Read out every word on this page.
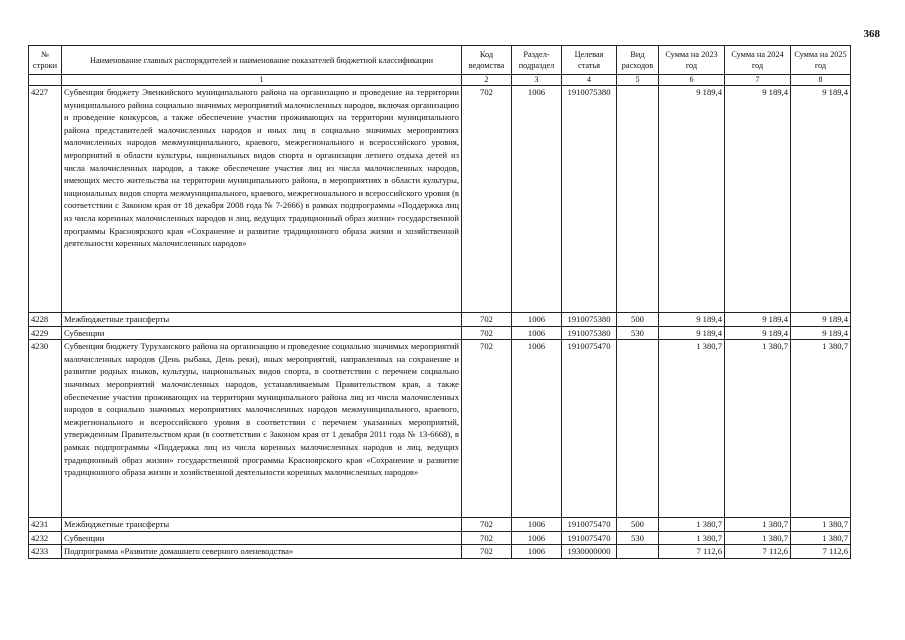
368
№ строки	Наименование главных распорядителей и наименование показателей бюджетной классификации	Код ведомства	Раздел-подраздел	Целевая статья	Вид расходов	Сумма на 2023 год	Сумма на 2024 год	Сумма на 2025 год
	1	2	3	4	5	6	7	8
4227	Субвенция бюджету Эвенкийского муниципального района на организацию и проведение на территории муниципального района социально значимых мероприятий малочисленных народов, включая организацию и проведение конкурсов, а также обеспечение участия проживающих на территории муниципального района представителей малочисленных народов и иных лиц в социально значимых мероприятиях малочисленных народов межмуниципального, краевого, межрегионального и всероссийского уровня, мероприятий в области культуры, национальных видов спорта и организация летнего отдыха детей из числа малочисленных народов, а также обеспечение участия лиц из числа малочисленных народов, имеющих место жительства на территории муниципального района, в мероприятиях в области культуры, национальных видов спорта межмуниципального, краевого, межрегионального и всероссийского уровня (в соответствии с Законом края от 18 декабря 2008 года № 7-2666) в рамках подпрограммы «Поддержка лиц из числа коренных малочисленных народов и лиц, ведущих традиционный образ жизни» государственной программы Красноярского края «Сохранение и развитие традиционного образа жизни и хозяйственной деятельности коренных малочисленных народов»	702	1006	1910075380		9 189,4	9 189,4	9 189,4
4228	Межбюджетные трансферты	702	1006	1910075380	500	9 189,4	9 189,4	9 189,4
4229	Субвенции	702	1006	1910075380	530	9 189,4	9 189,4	9 189,4
4230	Субвенция бюджету Туруханского района на организацию и проведение социально значимых мероприятий малочисленных народов (День рыбака, День реки), иных мероприятий, направленных на сохранение и развитие родных языков, культуры, национальных видов спорта, в соответствии с перечнем социально значимых мероприятий малочисленных народов, устанавливаемым Правительством края, а также обеспечение участия проживающих на территории муниципального района лиц из числа малочисленных народов в социально значимых мероприятиях малочисленных народов межмуниципального, краевого, межрегионального и всероссийского уровня в соответствии с перечнем указанных мероприятий, утвержденным Правительством края (в соответствии с Законом края от 1 декабря 2011 года № 13-6668), в рамках подпрограммы «Поддержка лиц из числа коренных малочисленных народов и лиц, ведущих традиционный образ жизни» государственной программы Красноярского края «Сохранение и развитие традиционного образа жизни и хозяйственной деятельности коренных малочисленных народов»	702	1006	1910075470		1 380,7	1 380,7	1 380,7
4231	Межбюджетные трансферты	702	1006	1910075470	500	1 380,7	1 380,7	1 380,7
4232	Субвенции	702	1006	1910075470	530	1 380,7	1 380,7	1 380,7
4233	Подпрограмма «Развитие домашнего северного оленеводства»	702	1006	1930000000		7 112,6	7 112,6	7 112,6
